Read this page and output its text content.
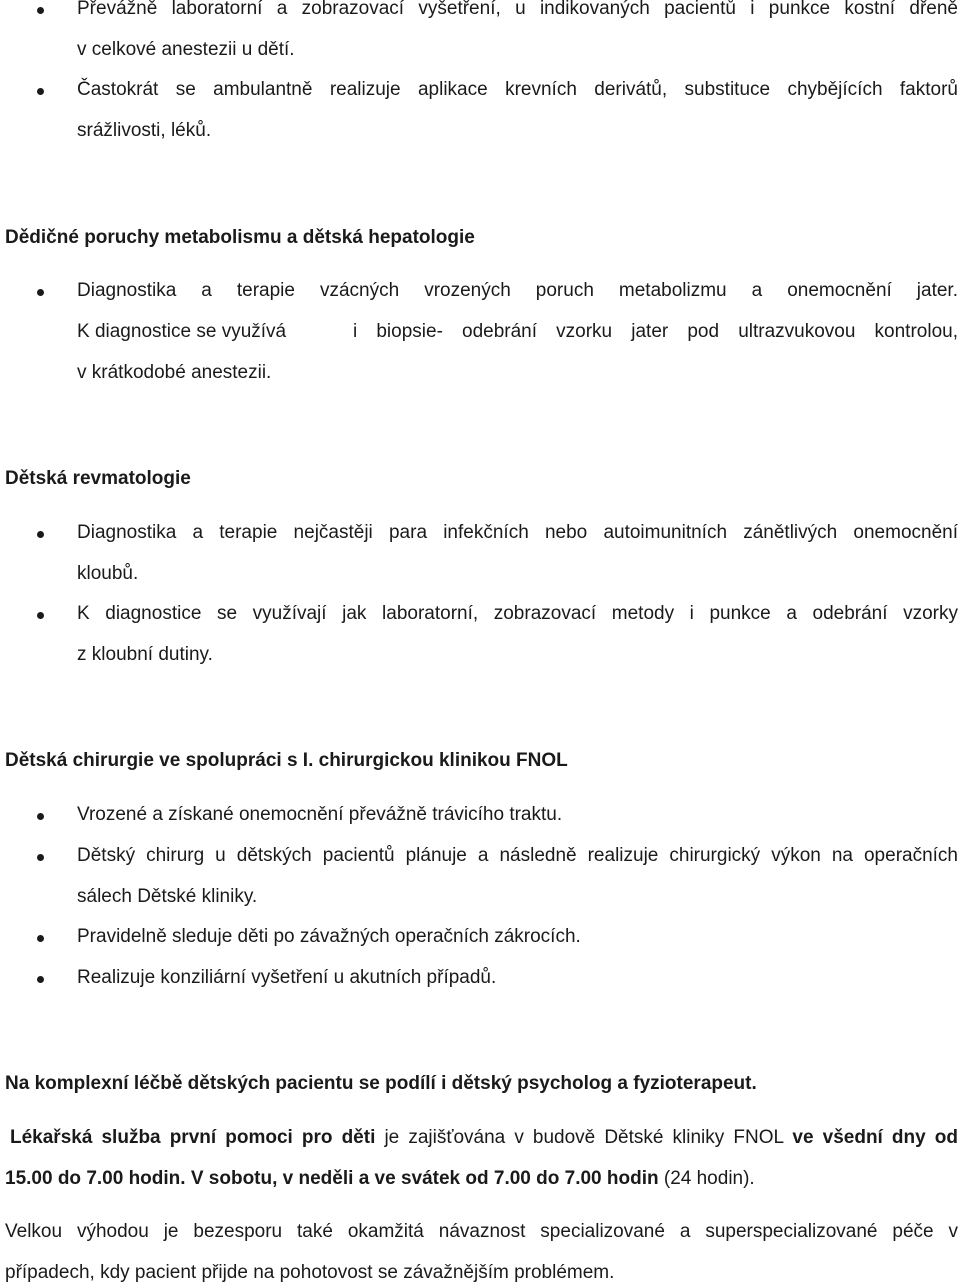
Převážně laboratorní a zobrazovací vyšetření, u indikovaných pacientů i punkce kostní dřeně
v celkové anestezii u dětí.
Častokrát se ambulantně realizuje aplikace krevních derivátů, substituce chybějících faktorů
srážlivosti, léků.
Dědičné poruchy metabolismu a dětská hepatologie
Diagnostika a terapie vzácných vrozených poruch metabolizmu a onemocnění jater.
K diagnostice se využívá	i biopsie- odebrání vzorku jater pod ultrazvukovou kontrolou,
v krátkodobé anestezii.
Dětská revmatologie
Diagnostika a terapie nejčastěji para infekčních nebo autoimunitních zánětlivých onemocnění
kloubů.
K diagnostice se využívají jak laboratorní, zobrazovací metody i punkce a odebrání vzorky
z kloubní dutiny.
Dětská chirurgie ve spolupráci s I. chirurgickou klinikou FNOL
Vrozené a získané onemocnění převážně trávicího traktu.
Dětský chirurg u dětských pacientů plánuje a následně realizuje chirurgický výkon na operačních
sálech Dětské kliniky.
Pravidelně sleduje děti po závažných operačních zákrocích.
Realizuje konziliární vyšetření u akutních případů.
Na komplexní léčbě dětských pacientu se podílí i dětský psycholog a fyzioterapeut.
Lékařská služba první pomoci pro děti je zajišťována v budově Dětské kliniky FNOL ve všední dny od
15.00 do 7.00 hodin. V sobotu, v neděli a ve svátek od 7.00 do 7.00 hodin (24 hodin).
Velkou výhodou je bezesporu také okamžitá návaznost specializované a superspecializované péče v
případech, kdy pacient přijde na pohotovost se závažnějším problémem.
